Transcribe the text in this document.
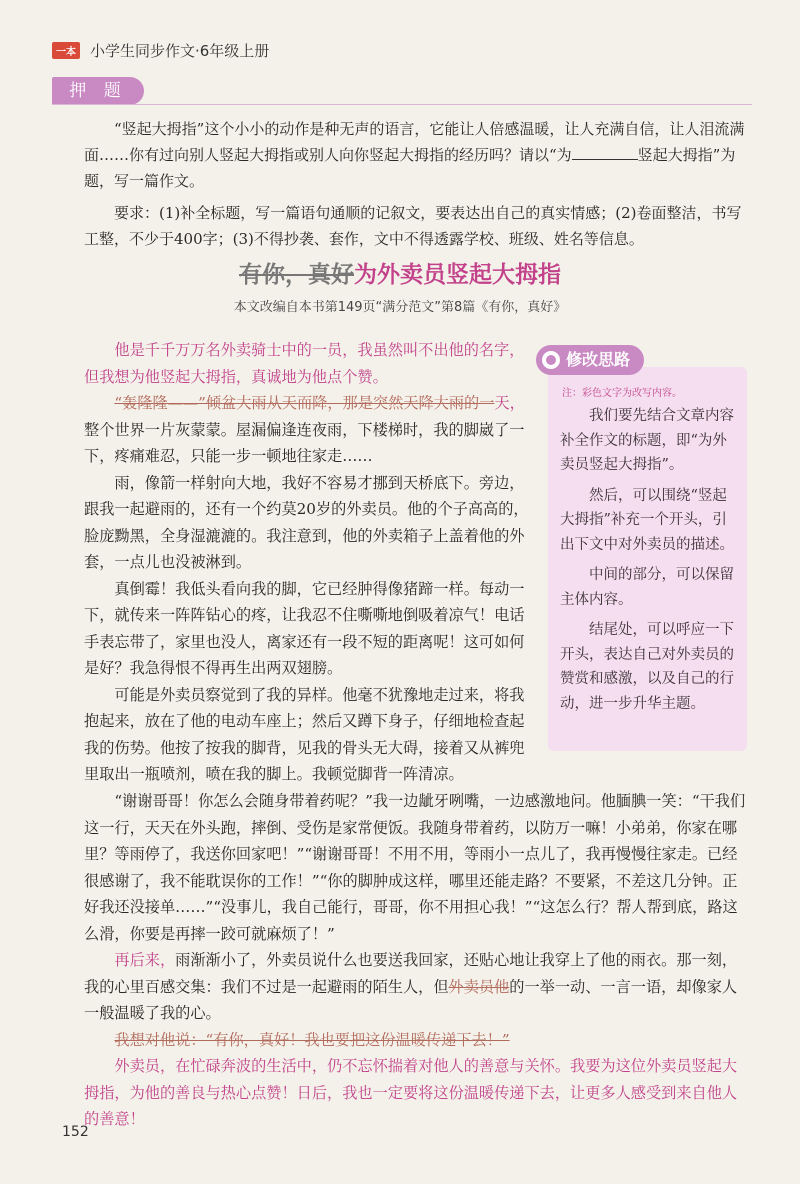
一本 小学生同步作文·6年级上册
押 题

“竖起大拇指”这个小小的动作是种无声的语言，它能让人倍感温暖，让人充满自信，让人泪流满面……你有过向别人竖起大拇指或别人向你竖起大拇指的经历吗？请以“为	竖起大拇指”为题，写一篇作文。

要求：(1)补全标题，写一篇语句通顺的记叙文，要表达出自己的真实情感；(2)卷面整洁，书写工整，不少于400字；(3)不得抄袭、套作，文中不得透露学校、班级、姓名等信息。

有你，真好为外卖员竖起大拇指
本文改编自本书第149页“满分范文”第8篇《有你，真好》

他是千千万万名外卖骑士中的一员，我虽然叫不出他的名字，但我想为他竖起大拇指，真诚地为他点个赞。

“轰隆隆——”倾盆大雨从天而降，那是突然天降大雨的一天，整个世界一片灰蒙蒙。屋漏偏逢连夜雨，下楼梯时，我的脚崴了一下，疼痛难忍，只能一步一顿地往家走……

雨，像箭一样射向大地，我好不容易才挪到天桥底下。旁边，跟我一起避雨的，还有一个约莫20岁的外卖员。他的个子高高的，脸庞黝黑，全身湿漉漉的。我注意到，他的外卖箱子上盖着他的外套，一点儿也没被淋到。

真倒霉！我低头看向我的脚，它已经肿得像猪蹄一样。每动一下，就传来一阵阵钻心的疼，让我忍不住嘶嘶地倒吸着凉气！电话手表忘带了，家里也没人，离家还有一段不短的距离呢！这可如何是好？我急得恨不得再生出两双翅膀。

可能是外卖员察觉到了我的异样。他毫不犹豫地走过来，将我抱起来，放在了他的电动车座上；然后又蹲下身子，仔细地检查起我的伤势。他按了按我的脚背，见我的骨头无大碍，接着又从裤兜里取出一瓶喷剂，喷在我的脚上。我顿觉脚背一阵清凉。

“谢谢哥哥！你怎么会随身带着药呢？”我一边龇牙咧嘴，一边感激地问。他腼腆一笑：“干我们这一行，天天在外头跑，摔倒、受伤是家常便饭。我随身带着药，以防万一嘛！小弟弟，你家在哪里？等雨停了，我送你回家吧！”“谢谢哥哥！不用不用，等雨小一点儿了，我再慢慢往家走。已经很感谢了，我不能耽误你的工作！”“你的脚肿成这样，哪里还能走路？不要紧，不差这几分钟。正好我还没接单……”“没事儿，我自己能行，哥哥，你不用担心我！”“这怎么行？帮人帮到底，路这么滑，你要是再摔一跤可就麻烦了！”

再后来，雨渐渐小了，外卖员说什么也要送我回家，还贴心地让我穿上了他的雨衣。那一刻，我的心里百感交集：我们不过是一起避雨的陌生人，但外卖员他的一举一动、一言一语，却像家人一般温暖了我的心。

我想对他说：“有你，真好！我也要把这份温暖传递下去！”

外卖员，在忙碌奔波的生活中，仍不忘怀揣着对他人的善意与关怀。我要为这位外卖员竖起大拇指，为他的善良与热心点赞！日后，我也一定要将这份温暖传递下去，让更多人感受到来自他人的善意！

修改思路
注：彩色文字为改写内容。

我们要先结合文章内容补全作文的标题，即“为外卖员竖起大拇指”。

然后，可以围绕“竖起大拇指”补充一个开头，引出下文中对外卖员的描述。

中间的部分，可以保留主体内容。

结尾处，可以呼应一下开头，表达自己对外卖员的赞赏和感激，以及自己的行动，进一步升华主题。

152
